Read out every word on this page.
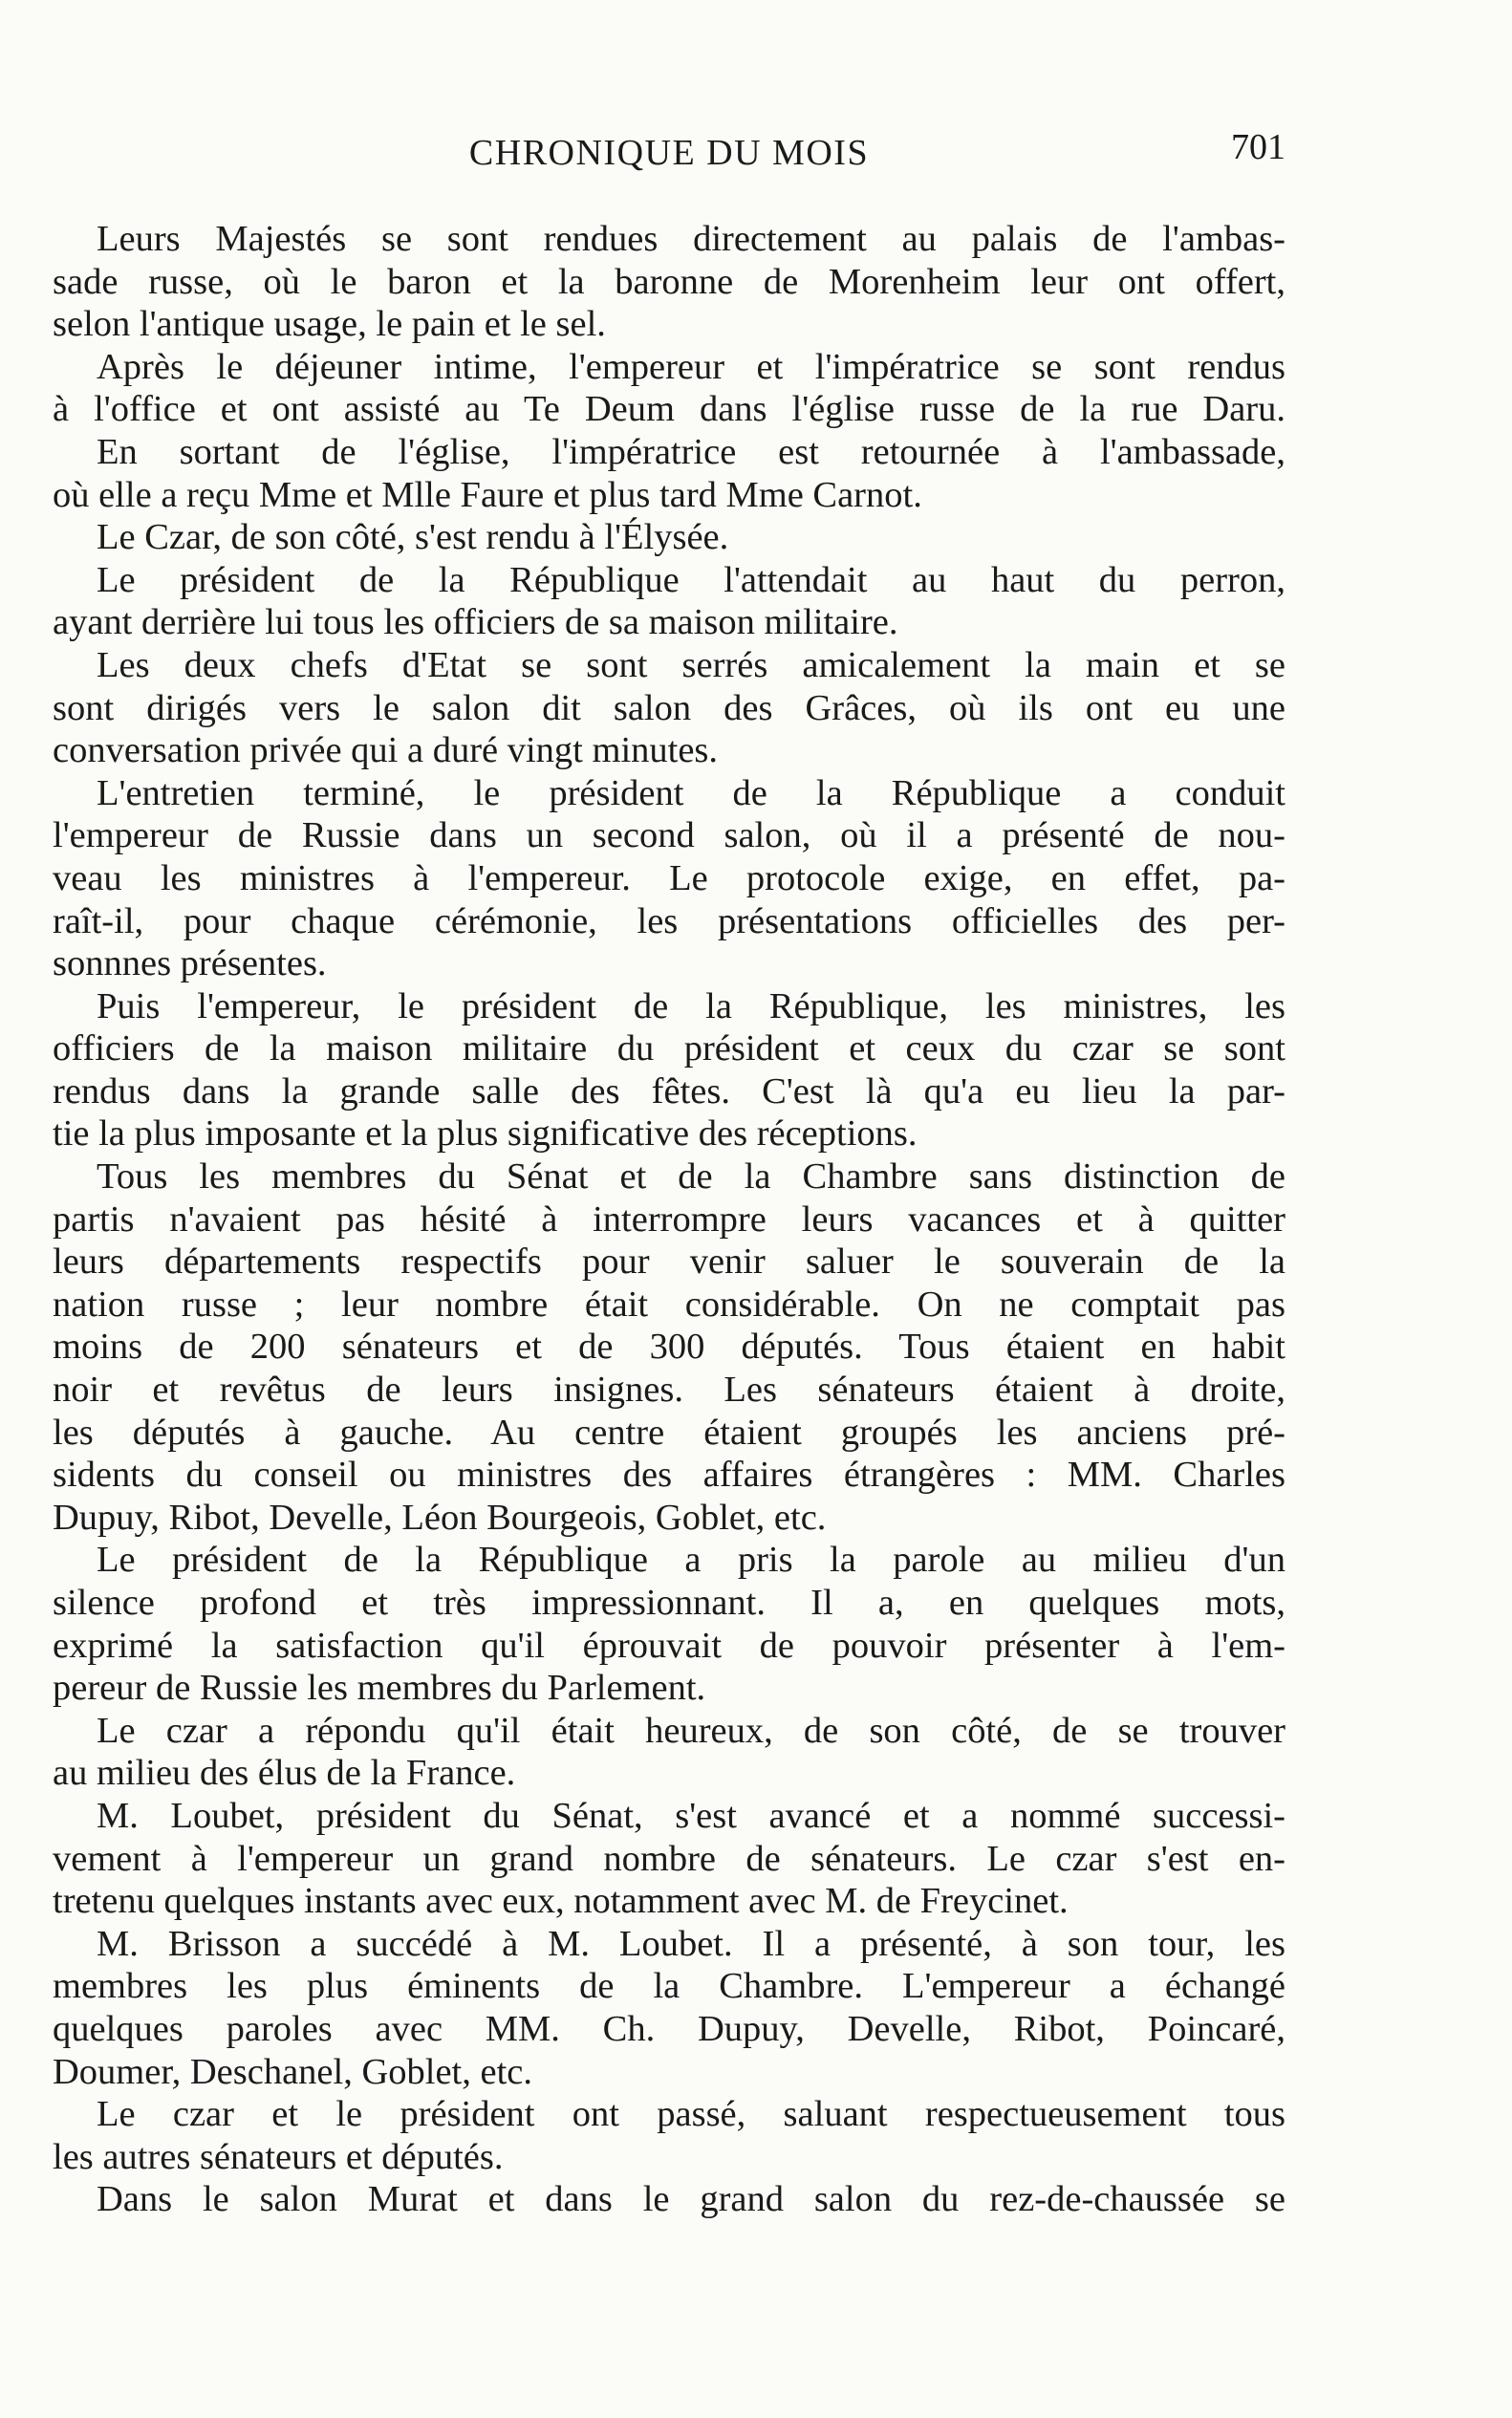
CHRONIQUE DU MOIS	701
Leurs Majestés se sont rendues directement au palais de l'ambas-
sade russe, où le baron et la baronne de Morenheim leur ont offert,
selon l'antique usage, le pain et le sel.
Après le déjeuner intime, l'empereur et l'impératrice se sont rendus
à l'office et ont assisté au Te Deum dans l'église russe de la rue Daru.
En sortant de l'église, l'impératrice est retournée à l'ambassade,
où elle a reçu Mme et Mlle Faure et plus tard Mme Carnot.
Le Czar, de son côté, s'est rendu à l'Élysée.
Le président de la République l'attendait au haut du perron,
ayant derrière lui tous les officiers de sa maison militaire.
Les deux chefs d'Etat se sont serrés amicalement la main et se
sont dirigés vers le salon dit salon des Grâces, où ils ont eu une
conversation privée qui a duré vingt minutes.
L'entretien terminé, le président de la République a conduit
l'empereur de Russie dans un second salon, où il a présenté de nou-
veau les ministres à l'empereur. Le protocole exige, en effet, pa-
raît-il, pour chaque cérémonie, les présentations officielles des per-
sonnnes présentes.
Puis l'empereur, le président de la République, les ministres, les
officiers de la maison militaire du président et ceux du czar se sont
rendus dans la grande salle des fêtes. C'est là qu'a eu lieu la par-
tie la plus imposante et la plus significative des réceptions.
Tous les membres du Sénat et de la Chambre sans distinction de
partis n'avaient pas hésité à interrompre leurs vacances et à quitter
leurs départements respectifs pour venir saluer le souverain de la
nation russe ; leur nombre était considérable. On ne comptait pas
moins de 200 sénateurs et de 300 députés. Tous étaient en habit
noir et revêtus de leurs insignes. Les sénateurs étaient à droite,
les députés à gauche. Au centre étaient groupés les anciens pré-
sidents du conseil ou ministres des affaires étrangères : MM. Charles
Dupuy, Ribot, Develle, Léon Bourgeois, Goblet, etc.
Le président de la République a pris la parole au milieu d'un
silence profond et très impressionnant. Il a, en quelques mots,
exprimé la satisfaction qu'il éprouvait de pouvoir présenter à l'em-
pereur de Russie les membres du Parlement.
Le czar a répondu qu'il était heureux, de son côté, de se trouver
au milieu des élus de la France.
M. Loubet, président du Sénat, s'est avancé et a nommé successi-
vement à l'empereur un grand nombre de sénateurs. Le czar s'est en-
tretenu quelques instants avec eux, notamment avec M. de Freycinet.
M. Brisson a succédé à M. Loubet. Il a présenté, à son tour, les
membres les plus éminents de la Chambre. L'empereur a échangé
quelques paroles avec MM. Ch. Dupuy, Develle, Ribot, Poincaré,
Doumer, Deschanel, Goblet, etc.
Le czar et le président ont passé, saluant respectueusement tous
les autres sénateurs et députés.
Dans le salon Murat et dans le grand salon du rez-de-chaussée se
